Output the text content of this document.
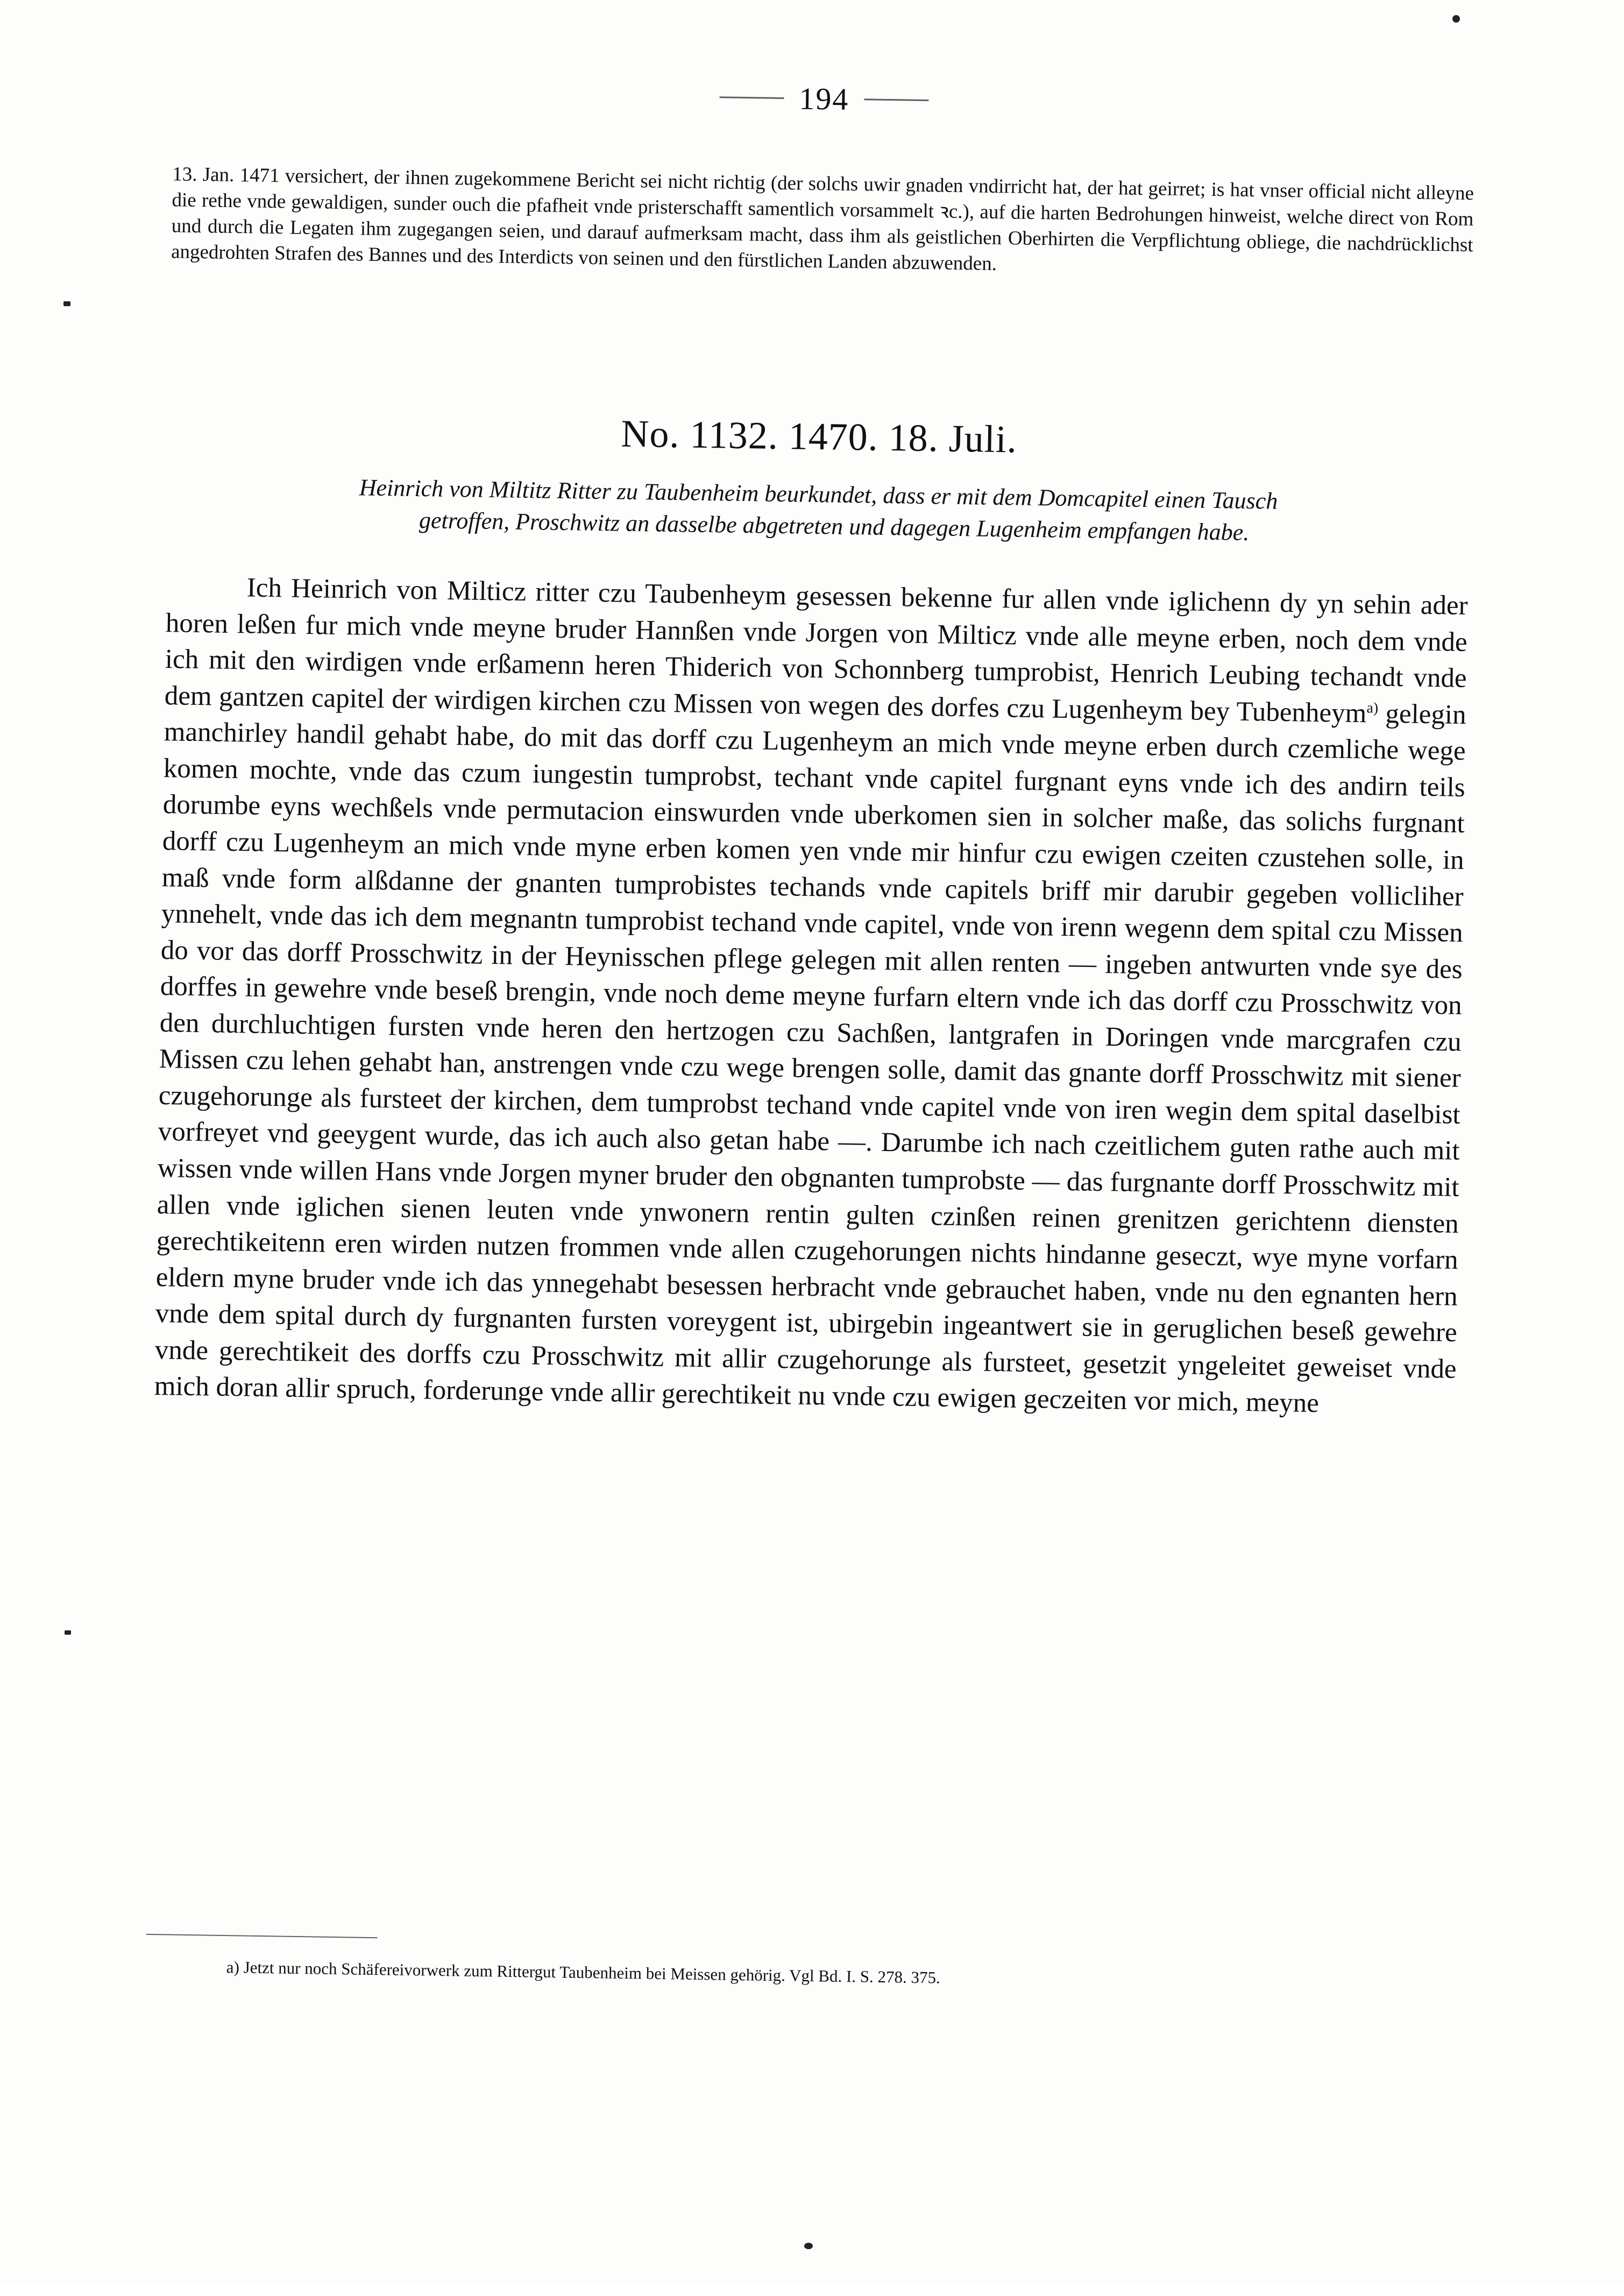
194

13. Jan. 1471 versichert, der ihnen zugekommene Bericht sei nicht richtig (der solchs uwir gnaden vndirricht hat, der hat geirret; is hat vnser official nicht alleyne die rethe vnde gewaldigen, sunder ouch die pfafheit vnde pristerschafft samentlich vorsammelt ꝛc.), auf die harten Bedrohungen hinweist, welche direct von Rom und durch die Legaten ihm zugegangen seien, und darauf aufmerksam macht, dass ihm als geistlichen Oberhirten die Verpflichtung obliege, die nachdrücklichst angedrohten Strafen des Bannes und des Interdicts von seinen und den fürstlichen Landen abzuwenden.

No. 1132. 1470. 18. Juli.

Heinrich von Miltitz Ritter zu Taubenheim beurkundet, dass er mit dem Domcapitel einen Tausch

getroffen, Proschwitz an dasselbe abgetreten und dagegen Lugenheim empfangen habe.

Ich Heinrich von Milticz ritter czu Taubenheym gesessen bekenne fur allen vnde iglichenn dy yn sehin ader horen leßen fur mich vnde meyne bruder Hannßen vnde Jorgen von Milticz vnde alle meyne erben, noch dem vnde ich mit den wirdigen vnde erßamenn heren Thiderich von Schonnberg tumprobist, Henrich Leubing techandt vnde dem gantzen capitel der wirdigen kirchen czu Missen von wegen des dorfes czu Lugenheym bey Tubenheym$^{a)}$ gelegin manchirley handil gehabt habe, do mit das dorff czu Lugenheym an mich vnde meyne erben durch czemliche wege komen mochte, vnde das czum iungestin tumprobst, techant vnde capitel furgnant eyns vnde ich des andirn teils dorumbe eyns wechßels vnde permutacion einswurden vnde uberkomen sien in solcher maße, das solichs furgnant dorff czu Lugenheym an mich vnde myne erben komen yen vnde mir hinfur czu ewigen czeiten czustehen solle, in maß vnde form alßdanne der gnanten tumprobistes techands vnde capitels briff mir darubir gegeben vollicliher ynnehelt, vnde das ich dem megnantn tumprobist techand vnde capitel, vnde von irenn wegenn dem spital czu Missen do vor das dorff Prosschwitz in der Heynisschen pflege gelegen mit allen renten — ingeben antwurten vnde sye des dorffes in gewehre vnde beseß brengin, vnde noch deme meyne furfarn eltern vnde ich das dorff czu Prosschwitz von den durchluchtigen fursten vnde heren den hertzogen czu Sachßen, lantgrafen in Doringen vnde marcgrafen czu Missen czu lehen gehabt han, anstrengen vnde czu wege brengen solle, damit das gnante dorff Prosschwitz mit siener czugehorunge als fursteet der kirchen, dem tumprobst techand vnde capitel vnde von iren wegin dem spital daselbist vorfreyet vnd geeygent wurde, das ich auch also getan habe —. Darumbe ich nach czeitlichem guten rathe auch mit wissen vnde willen Hans vnde Jorgen myner bruder den obgnanten tumprobste — das furgnante dorff Prosschwitz mit allen vnde iglichen sienen leuten vnde ynwonern rentin gulten czinßen reinen grenitzen gerichtenn diensten gerechtikeitenn eren wirden nutzen frommen vnde allen czugehorungen nichts hindanne geseczt, wye myne vorfarn eldern myne bruder vnde ich das ynnegehabt besessen herbracht vnde gebrauchet haben, vnde nu den egnanten hern vnde dem spital durch dy furgnanten fursten voreygent ist, ubirgebin ingeantwert sie in geruglichen beseß gewehre vnde gerechtikeit des dorffs czu Prosschwitz mit allir czugehorunge als fursteet, gesetzit yngeleitet geweiset vnde mich doran allir spruch, forderunge vnde allir gerechtikeit nu vnde czu ewigen geczeiten vor mich, meyne

a) Jetzt nur noch Schäfereivorwerk zum Rittergut Taubenheim bei Meissen gehörig. Vgl Bd. I. S. 278. 375.
